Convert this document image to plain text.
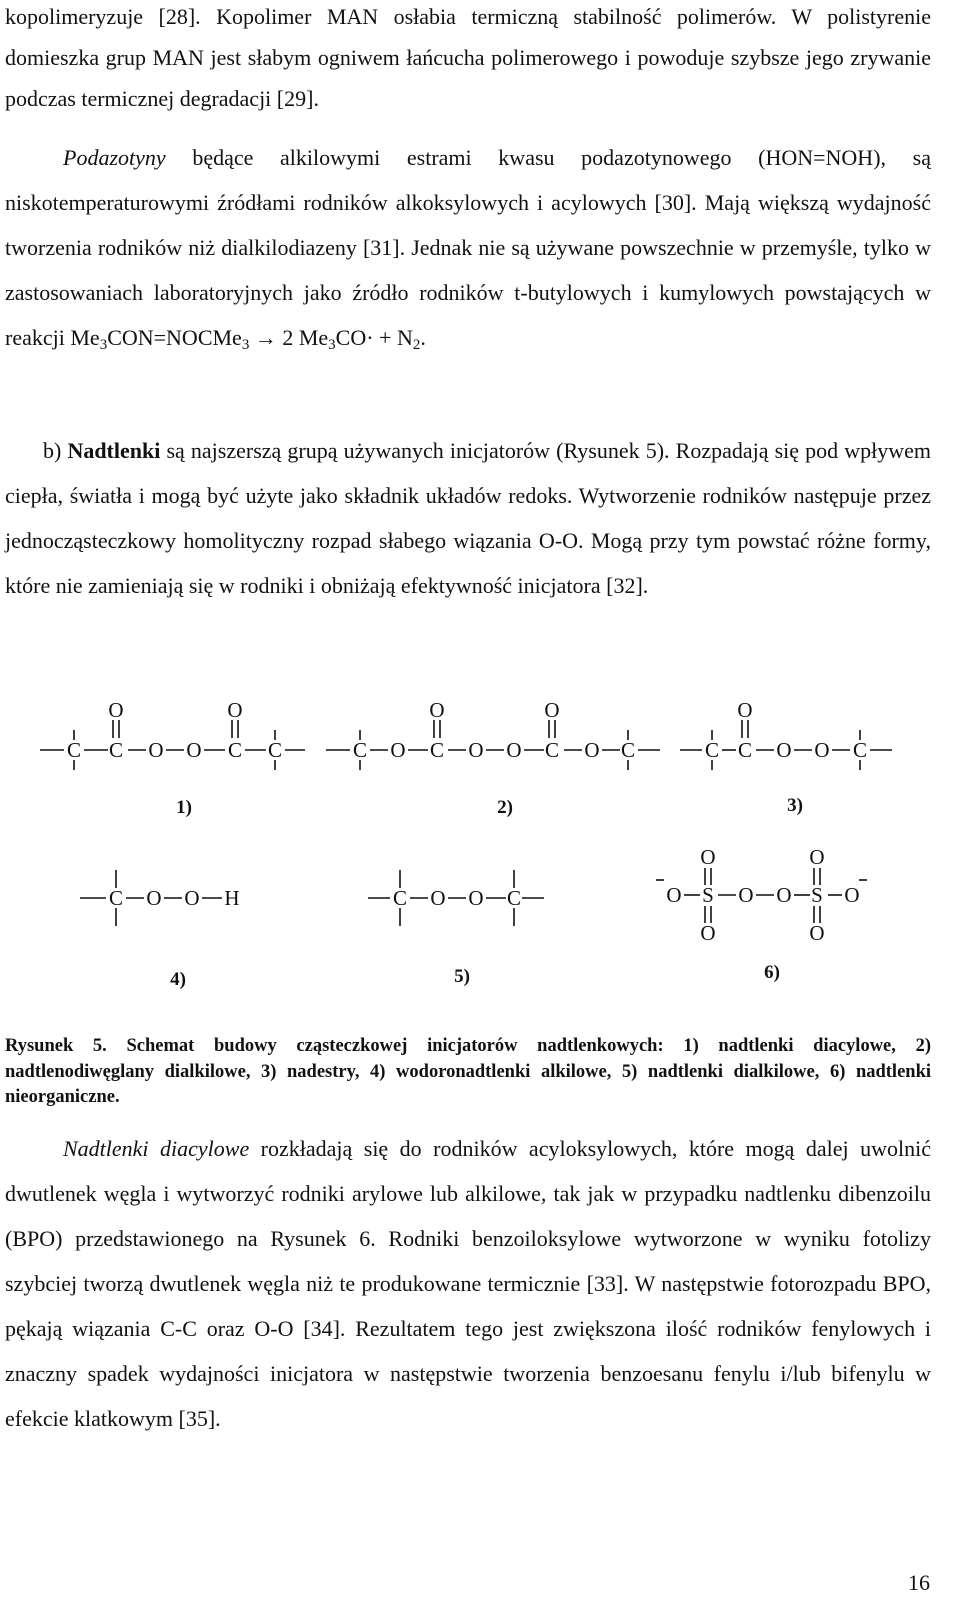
kopolimeryzuje [28]. Kopolimer MAN osłabia termiczną stabilność polimerów. W polistyrenie domieszka grup MAN jest słabym ogniwem łańcucha polimerowego i powoduje szybsze jego zrywanie podczas termicznej degradacji [29].

Podazotyny będące alkilowymi estrami kwasu podazotynowego (HON=NOH), są niskotemperaturowymi źródłami rodników alkoksylowych i acylowych [30]. Mają większą wydajność tworzenia rodników niż dialkilodiazeny [31]. Jednak nie są używane powszechnie w przemyśle, tylko w zastosowaniach laboratoryjnych jako źródło rodników t-butylowych i kumylowych powstających w reakcji $Me_3CON=NOCMe_3 \to 2$ $Me_3CO\cdot + N_2$.

b) Nadtlenki są najszerszą grupą używanych inicjatorów (Rysunek 5). Rozpadają się pod wpływem ciepła, światła i mogą być użyte jako składnik układów redoks. Wytworzenie rodników następuje przez jednocząsteczkowy homolityczny rozpad słabego wiązania O-O. Mogą przy tym powstać różne formy, które nie zamieniają się w rodniki i obniżają efektywność inicjatora [32].

C C
O
O O C
O
C	C O C
O
O O C
O
O C	C C
O
O O C
C O O H	C O O C	O S
O
O
O O S
O
O
O
1)	2)	3)
4)	5)	6)

Rysunek 5. Schemat budowy cząsteczkowej inicjatorów nadtlenkowych: 1) nadtlenki diacylowe, 2) nadtlenodiwęglany dialkilowe, 3) nadestry, 4) wodoronadtlenki alkilowe, 5) nadtlenki dialkilowe, 6) nadtlenki nieorganiczne.

Nadtlenki diacylowe rozkładają się do rodników acyloksylowych, które mogą dalej uwolnić dwutlenek węgla i wytworzyć rodniki arylowe lub alkilowe, tak jak w przypadku nadtlenku dibenzoilu (BPO) przedstawionego na Rysunek 6. Rodniki benzoiloksylowe wytworzone w wyniku fotolizy szybciej tworzą dwutlenek węgla niż te produkowane termicznie [33]. W następstwie fotorozpadu BPO, pękają wiązania C-C oraz O-O [34]. Rezultatem tego jest zwiększona ilość rodników fenylowych i znaczny spadek wydajności inicjatora w następstwie tworzenia benzoesanu fenylu i/lub bifenylu w efekcie klatkowym [35].

16
